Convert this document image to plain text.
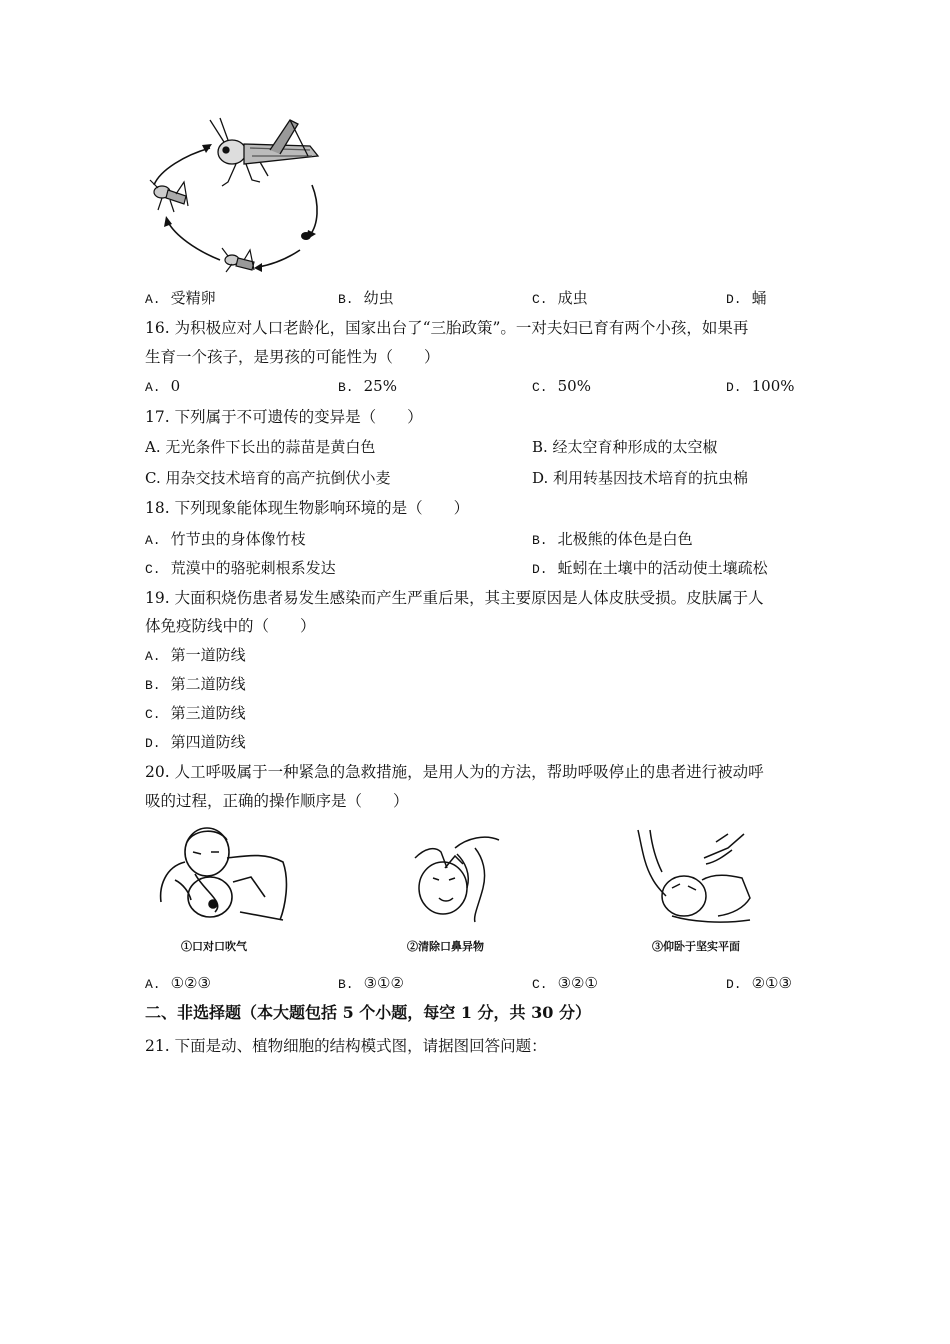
A. 受精卵	B. 幼虫	C. 成虫	D. 蛹
16. 为积极应对人口老龄化，国家出台了“三胎政策”。一对夫妇已育有两个小孩，如果再
生育一个孩子，是男孩的可能性为（　　）
A. 0	B. 25%	C. 50%	D. 100%
17. 下列属于不可遗传的变异是（　　）
A. 无光条件下长出的蒜苗是黄白色	B. 经太空育种形成的太空椒
C. 用杂交技术培育的高产抗倒伏小麦	D. 利用转基因技术培育的抗虫棉
18. 下列现象能体现生物影响环境的是（　　）
A. 竹节虫的身体像竹枝	B. 北极熊的体色是白色
C. 荒漠中的骆驼刺根系发达	D. 蚯蚓在土壤中的活动使土壤疏松
19. 大面积烧伤患者易发生感染而产生严重后果，其主要原因是人体皮肤受损。皮肤属于人
体免疫防线中的（　　）
A. 第一道防线
B. 第二道防线
C. 第三道防线
D. 第四道防线
20. 人工呼吸属于一种紧急的急救措施，是用人为的方法，帮助呼吸停止的患者进行被动呼
吸的过程，正确的操作顺序是（　　）
①口对口吹气	②清除口鼻异物	③仰卧于坚实平面
A. ①②③	B. ③①②	C. ③②①	D. ②①③
二、非选择题（本大题包括 5 个小题，每空 1 分，共 30 分）
21. 下面是动、植物细胞的结构模式图，请据图回答问题：
